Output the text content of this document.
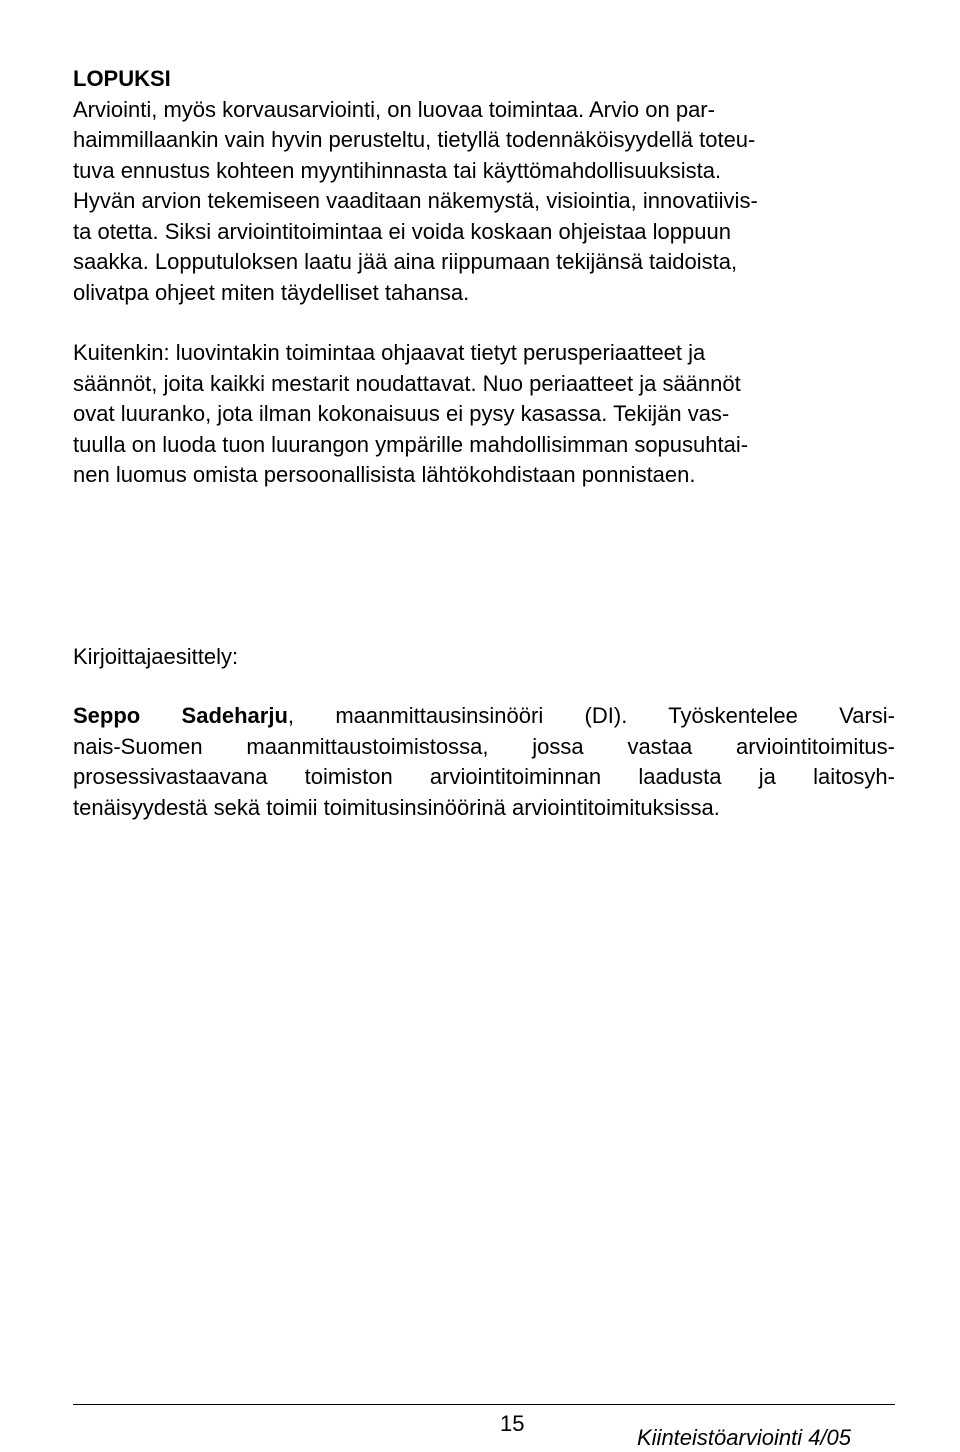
LOPUKSI
Arviointi, myös korvausarviointi, on luovaa toimintaa. Arvio on par-
haimmillaankin vain hyvin perusteltu, tietyllä todennäköisyydellä toteu-
tuva ennustus kohteen myyntihinnasta tai käyttömahdollisuuksista.
Hyvän arvion tekemiseen vaaditaan näkemystä, visiointia, innovatiivis-
ta otetta. Siksi arviointitoimintaa ei voida koskaan ohjeistaa loppuun
saakka. Lopputuloksen laatu jää aina riippumaan tekijänsä taidoista,
olivatpa ohjeet miten täydelliset tahansa.
Kuitenkin: luovintakin toimintaa ohjaavat tietyt perusperiaatteet ja
säännöt, joita kaikki mestarit noudattavat. Nuo periaatteet ja säännöt
ovat luuranko, jota ilman kokonaisuus ei pysy kasassa. Tekijän vas-
tuulla on luoda tuon luurangon ympärille mahdollisimman sopusuhtai-
nen luomus omista persoonallisista lähtökohdistaan ponnistaen.
Kirjoittajaesittely:
Seppo Sadeharju, maanmittausinsinööri (DI). Työskentelee Varsi-
nais-Suomen maanmittaustoimistossa, jossa vastaa arviointitoimitus-
prosessivastaavana toimiston arviointitoiminnan laadusta ja laitosyh-
tenäisyydestä sekä toimii toimitusinsinöörinä arviointitoimituksissa.
15
Kiinteistöarviointi 4/05
